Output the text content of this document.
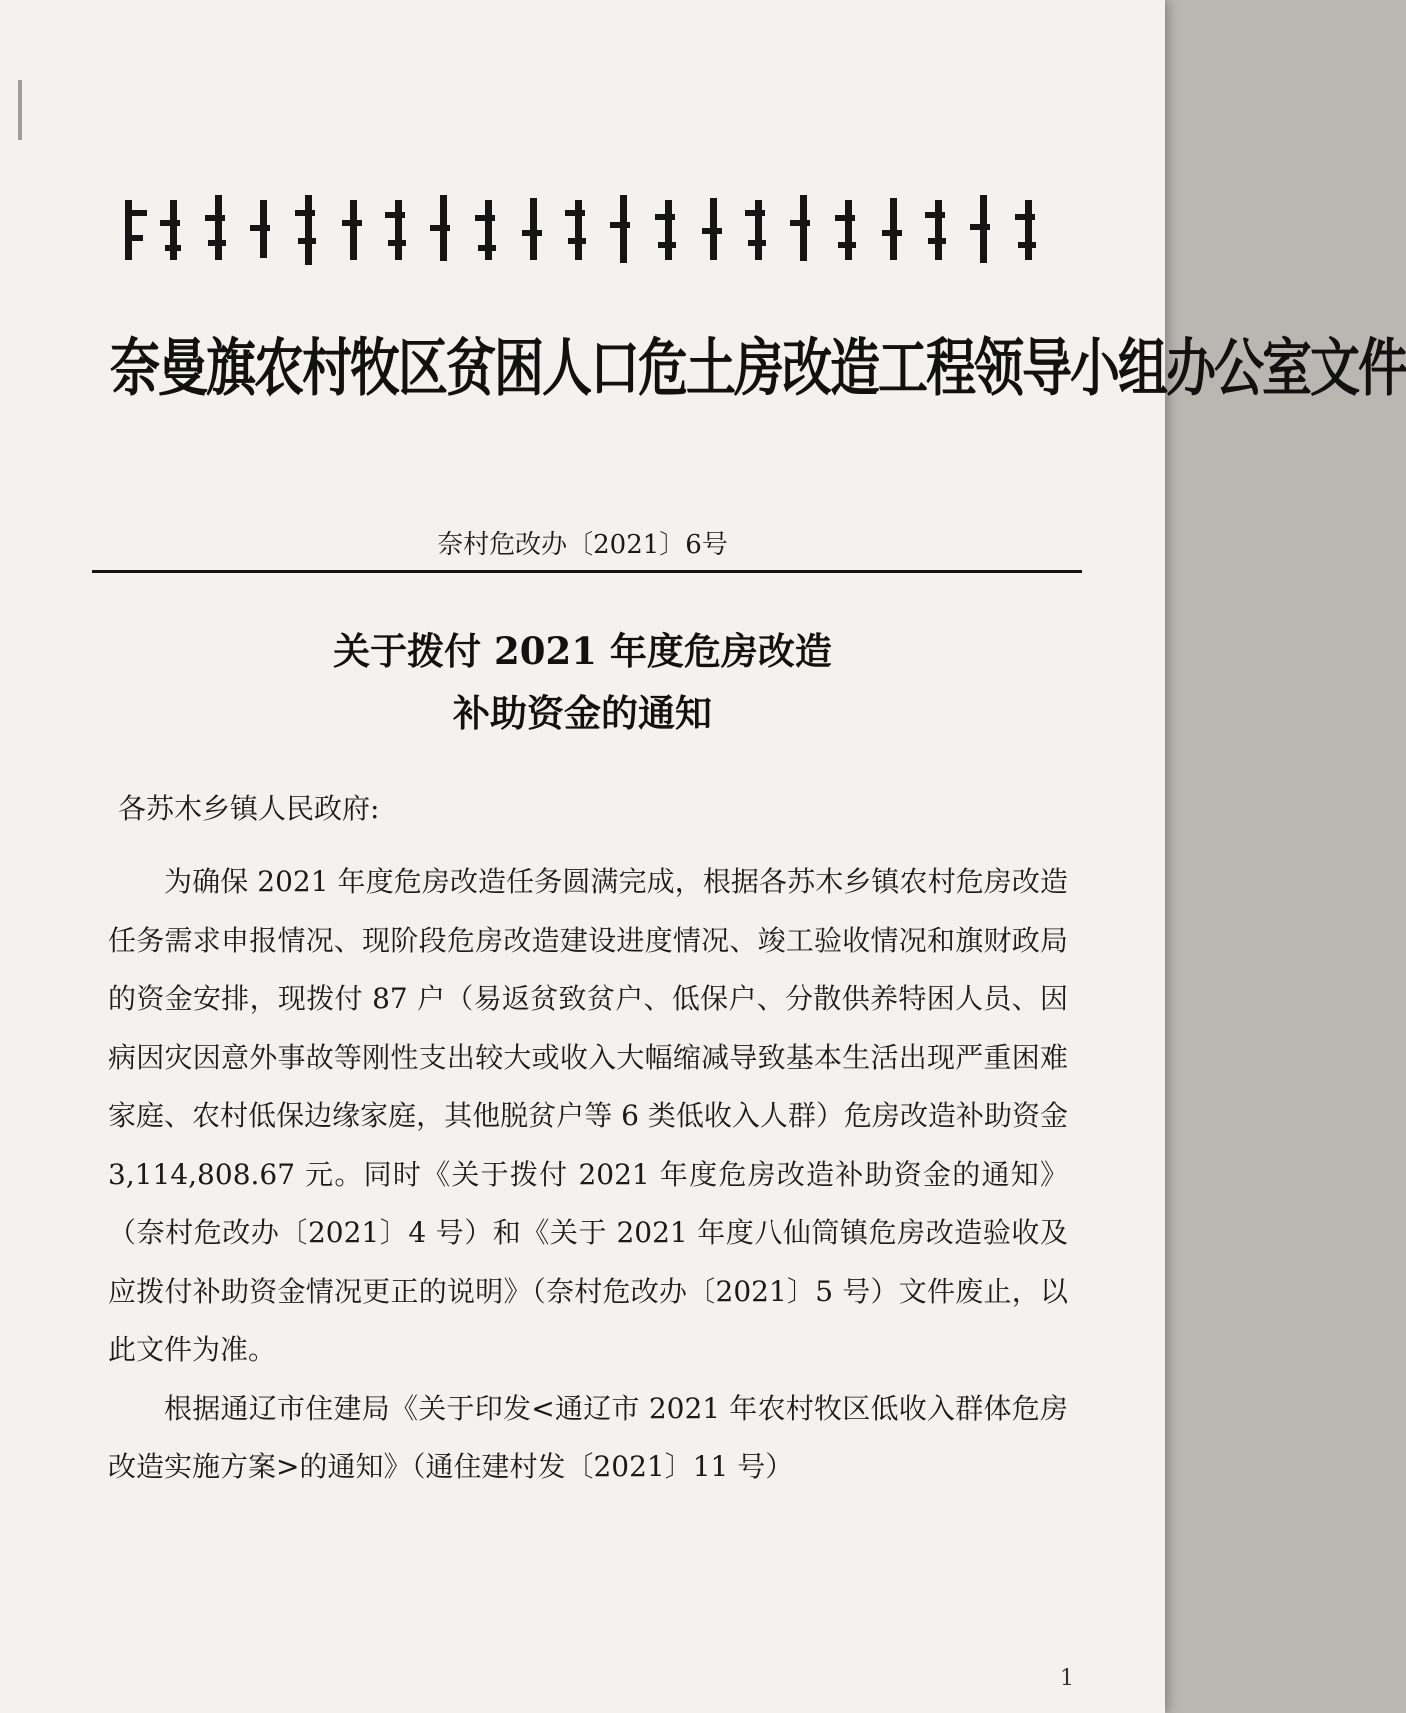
奈曼旗农村牧区贫困人口危土房改造工程领导小组办公室文件
奈村危改办〔2021〕6号
关于拨付 2021 年度危房改造
补助资金的通知
各苏木乡镇人民政府:

为确保 2021 年度危房改造任务圆满完成，根据各苏木乡镇农村危房改造任务需求申报情况、现阶段危房改造建设进度情况、竣工验收情况和旗财政局的资金安排，现拨付 87 户（易返贫致贫户、低保户、分散供养特困人员、因病因灾因意外事故等刚性支出较大或收入大幅缩减导致基本生活出现严重困难家庭、农村低保边缘家庭，其他脱贫户等 6 类低收入人群）危房改造补助资金 3,114,808.67 元。同时《关于拨付 2021 年度危房改造补助资金的通知》（奈村危改办〔2021〕4 号）和《关于 2021 年度八仙筒镇危房改造验收及应拨付补助资金情况更正的说明》（奈村危改办〔2021〕5 号）文件废止，以此文件为准。

根据通辽市住建局《关于印发<通辽市 2021 年农村牧区低收入群体危房改造实施方案>的通知》（通住建村发〔2021〕11 号）

1
